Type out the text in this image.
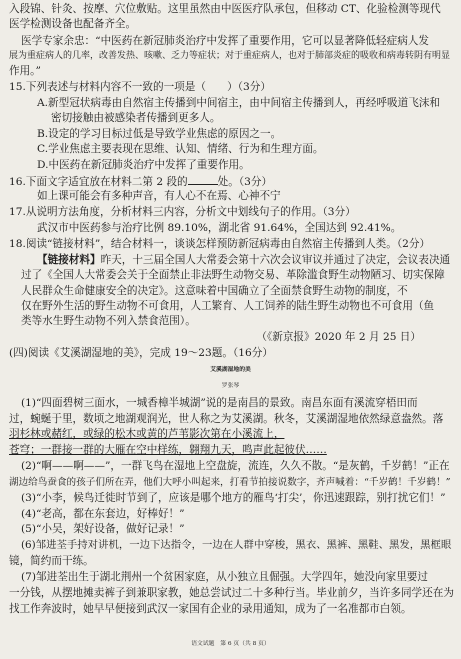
入段锦、针灸、按摩、穴位敷贴。这里虽然由中医医疗队承包，但移动 CT、化验检测等现代
医学检测设备也配备齐全。
医学专家余忠：“中医药在新冠肺炎治疗中发挥了重要作用，它可以显著降低轻症病人发
展为重症病人的几率，改善发热、咳嗽、乏力等症状；对于重症病人，也对于肺部炎症的吸收和病毒转阴有明显
作用。”
15.下列表述与材料内容不一致的一项是（　　）（3分）
A.新型冠状病毒由自然宿主传播到中间宿主，由中间宿主传播到人，再经呼吸道飞沫和
密切接触由被感染者传播到更多人。
B.设定的学习目标过低是导致学业焦虑的原因之一。
C.学业焦虑主要表现在思维、认知、情绪、行为和生理方面。
D.中医药在新冠肺炎治疗中发挥了重要作用。
16.下面文字适宜放在材料二第 2 段的	处。（3分）
如上课可能会有多种声音，有人心不在焉、心神不宁
17.从说明方法角度，分析材料三内容，分析文中划线句子的作用。（3分）
武汉市中医药参与治疗比例 89.10%，湖北省 91.64%，全国达到 92.41%。
18.阅读“链接材料”，结合材料一，谈谈怎样预防新冠病毒由自然宿主传播到人类。（2分）
【链接材料】昨天，十三届全国人大常委会第十六次会议审议并通过了决定，会议表决通
过了《全国人大常委会关于全面禁止非法野生动物交易、革除滥食野生动物陋习、切实保障
人民群众生命健康安全的决定》。这意味着中国确立了全面禁食野生动物的制度，不
仅在野外生活的野生动物不可食用，人工繁育、人工饲养的陆生野生动物也不可食用（鱼
类等水生野生动物不列入禁食范围）。
（《新京报》2020 年 2 月 25 日）
(四)阅读《艾溪湖湿地的美》，完成 19～23题。（16分）
艾溪湖湿地的美
罗张琴
(1)“四面碧树三面水，一城香樟半城湖”说的是南昌的景致。南昌东面有溪流穿梧田而
过，蜿蜒于里，数顷之地湖观润光，世人称之为艾溪湖。秋冬，艾溪湖湿地依然绿意盎然。落
羽杉林或赭红，或绿的松木或黄的芦苇影次第在小溪流上，
苍穹；一群接一群的大雁在空中样练，翱翔九天，鸣声此起彼伏……
(2)“啊——啊——”，一群飞鸟在湿地上空盘旋，流连，久久不散。“是灰鹤，千岁鹤！”正在
湖边给鸟蚕食的孩子们所在弄，他们大呼小叫起来，打看节拍接说数字，齐声喊着：“千岁鹤！千岁鹤！”
(3)“小李，候鸟迁徙时节到了，应该是哪个地方的雁鸟‘打尖’，你迅速跟踪，别打扰它们！”
(4)“老高，都在东套边，好棒好！”
(5)“小吴，架好设备，做好记录！”
(6)邹进荃手持对讲机，一边下达指令，一边在人群中穿梭，黑衣、黑裤、黑鞋、黑发，黑框眼
镜，简约而干练。
(7)邹进荃出生于湖北荆州一个贫困家庭，从小独立且倔强。大学四年，她没向家里要过
一分钱，从摆地摊卖裤子到兼职家教，她总尝试过二十多种行当。毕业前夕，当许多同学还在为
找工作奔波时，她早早便接到武汉一家国有企业的录用通知，成为了一名准都市白领。
语文试题　第 6 页（共 8 页）
